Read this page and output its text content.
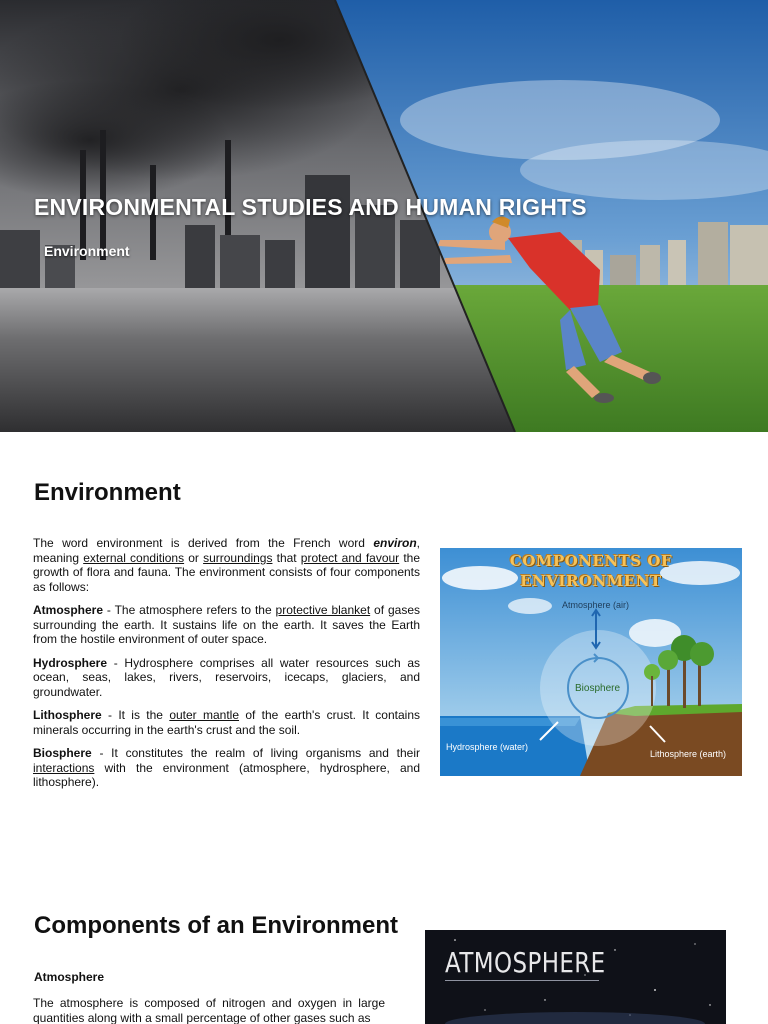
ENVIRONMENTAL STUDIES AND HUMAN RIGHTS
Environment
Environment

The word environment is derived from the French word environ, meaning external conditions or surroundings that protect and favour the growth of flora and fauna. The environment consists of four components as follows:

Atmosphere - The atmosphere refers to the protective blanket of gases surrounding the earth. It sustains life on the earth. It saves the Earth from the hostile environment of outer space.

Hydrosphere - Hydrosphere comprises all water resources such as ocean, seas, lakes, rivers, reservoirs, icecaps, glaciers, and groundwater.

Lithosphere - It is the outer mantle of the earth's crust. It contains minerals occurring in the earth's crust and the soil.

Biosphere - It constitutes the realm of living organisms and their interactions with the environment (atmosphere, hydrosphere, and lithosphere).

COMPONENTS OF
ENVIRONMENT
Atmosphere (air)
Biosphere
Hydrosphere (water)
Lithosphere (earth)
Components of an Environment
Atmosphere

The atmosphere is composed of nitrogen and oxygen in large quantities along with a small percentage of other gases such as

ATMOSPHERE
